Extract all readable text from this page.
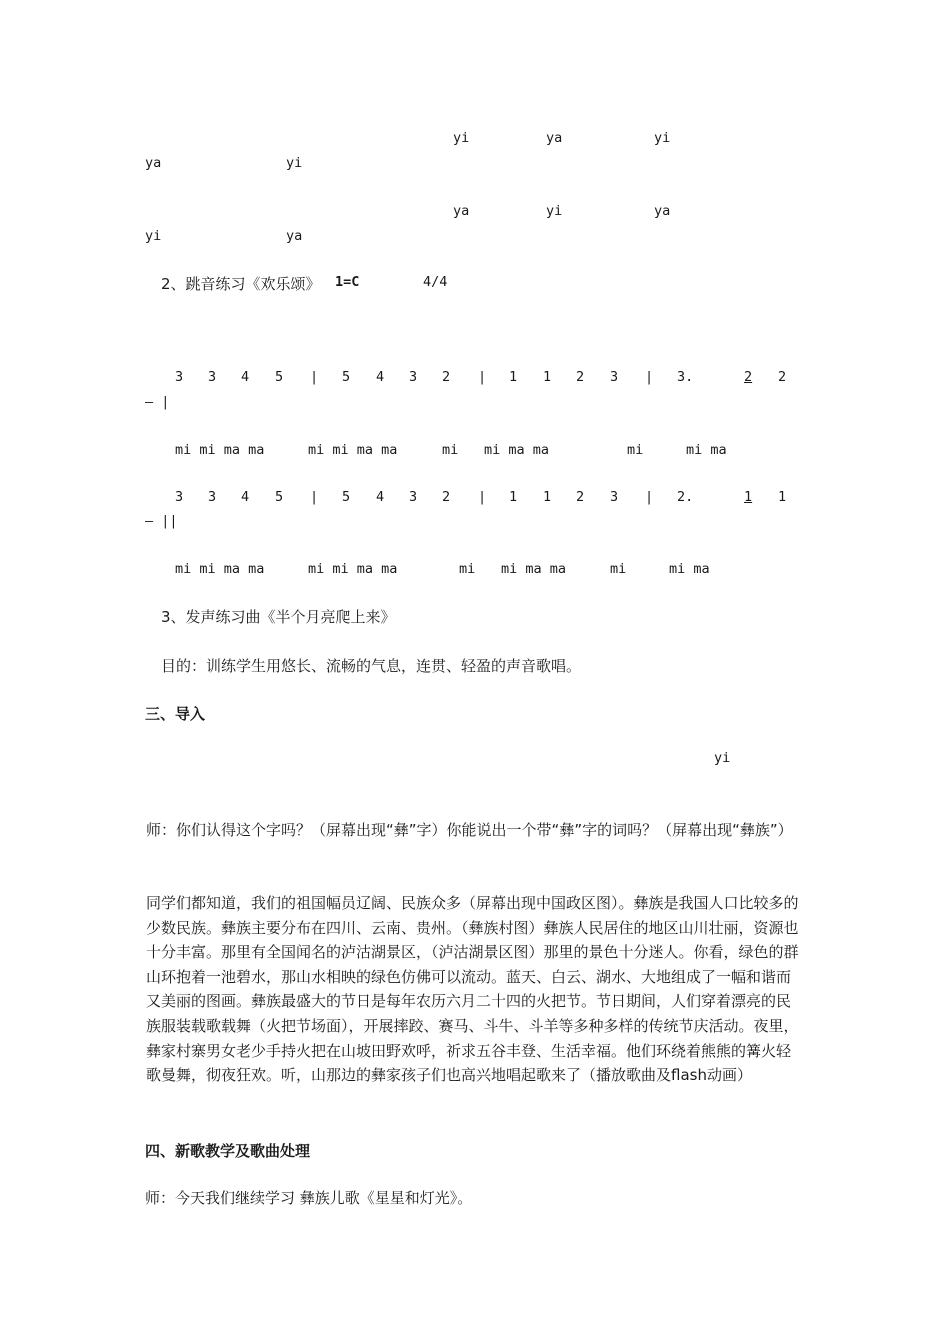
yi	ya	yi
ya	yi
ya	yi	ya
yi	ya
2、跳音练习《欢乐颂》 1=C	4/4
3 3 4 5 | 5 4 3 2 | 1 1 2 3 | 3.	2 2
– |
mi mi ma ma	mi mi ma ma	mi mi ma ma	mi	mi ma
3 3 4 5 | 5 4 3 2 | 1 1 2 3 | 2.	1 1
– ||
mi mi ma ma	mi mi ma ma	mi mi ma ma	mi	mi ma
3、发声练习曲《半个月亮爬上来》
目的：训练学生用悠长、流畅的气息，连贯、轻盈的声音歌唱。
三、导入
yi
师：你们认得这个字吗？（屏幕出现“彝”字）你能说出一个带“彝”字的词吗？（屏幕出现“彝族”）
同学们都知道，我们的祖国幅员辽阔、民族众多（屏幕出现中国政区图）。彝族是我国人口比较多的少数民族。彝族主要分布在四川、云南、贵州。（彝族村图）彝族人民居住的地区山川壮丽，资源也十分丰富。那里有全国闻名的泸沽湖景区，（泸沽湖景区图）那里的景色十分迷人。你看，绿色的群山环抱着一池碧水，那山水相映的绿色仿佛可以流动。蓝天、白云、湖水、大地组成了一幅和谐而又美丽的图画。彝族最盛大的节日是每年农历六月二十四的火把节。节日期间，人们穿着漂亮的民族服装载歌载舞（火把节场面），开展摔跤、赛马、斗牛、斗羊等多种多样的传统节庆活动。夜里，彝家村寨男女老少手持火把在山坡田野欢呼，祈求五谷丰登、生活幸福。他们环绕着熊熊的篝火轻歌曼舞，彻夜狂欢。听，山那边的彝家孩子们也高兴地唱起歌来了（播放歌曲及flash动画）
四、新歌教学及歌曲处理
师：今天我们继续学习 彝族儿歌《星星和灯光》。
